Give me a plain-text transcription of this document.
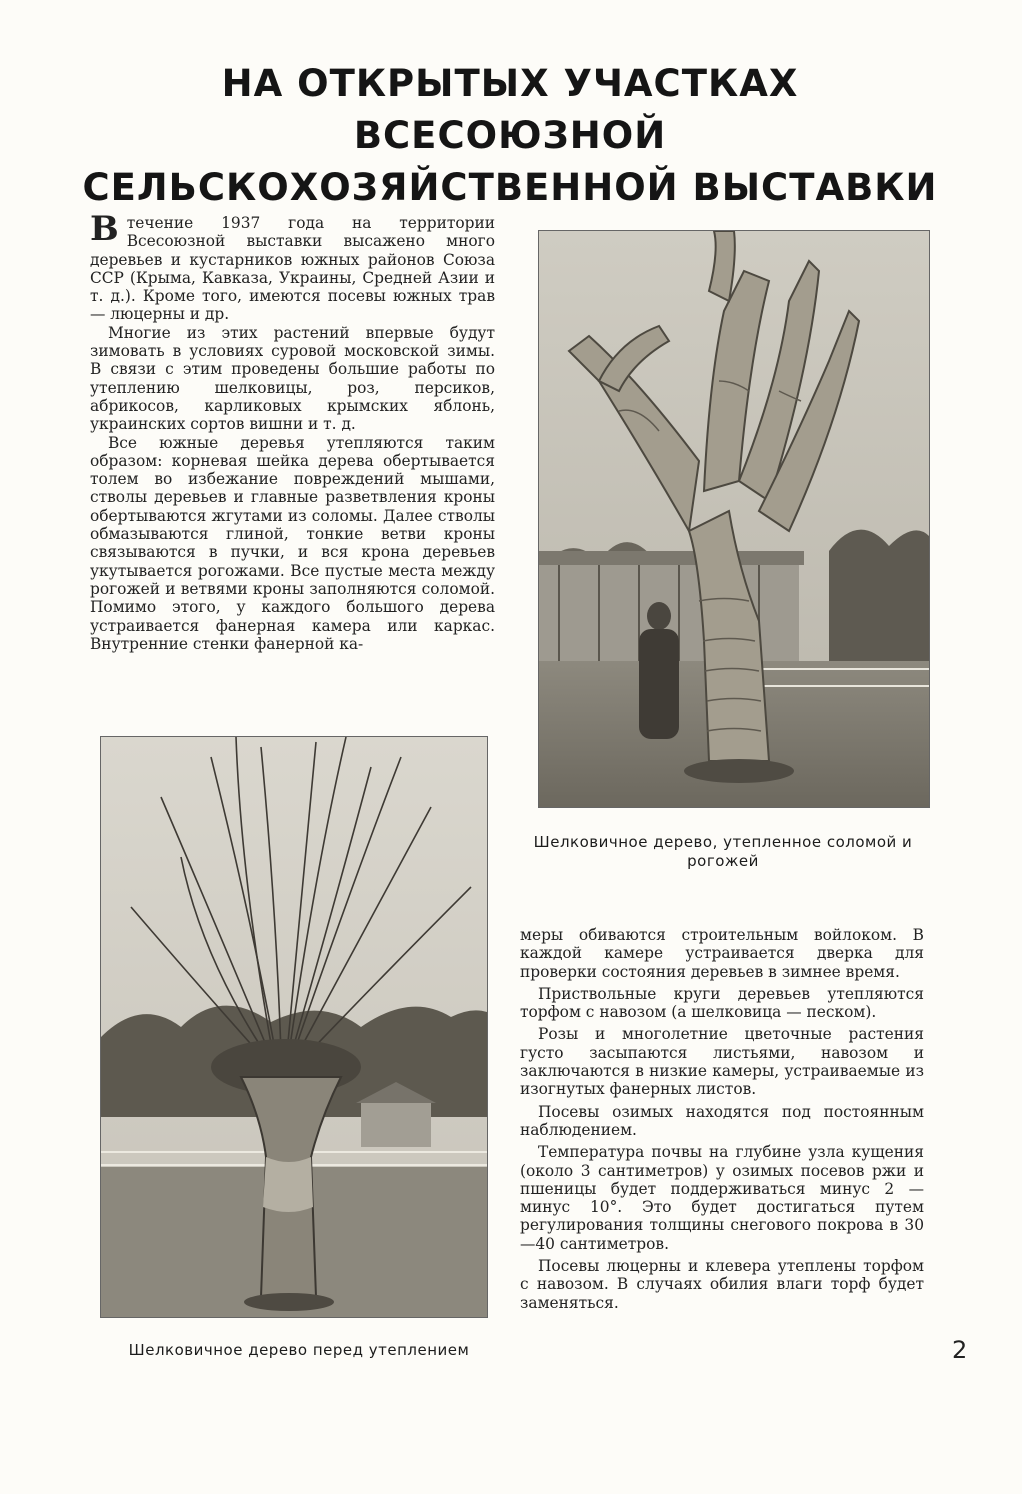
НА ОТКРЫТЫХ УЧАСТКАХ ВСЕСОЮЗНОЙ
СЕЛЬСКОХОЗЯЙСТВЕННОЙ ВЫСТАВКИ

В течение 1937 года на территории Всесоюзной выставки высажено много деревьев и кустарников южных районов Союза ССР (Крыма, Кавказа, Украины, Средней Азии и т. д.). Кроме того, имеются посевы южных трав — люцерны и др.

Многие из этих растений впервые будут зимовать в условиях суровой московской зимы. В связи с этим проведены большие работы по утеплению шелковицы, роз, персиков, абрикосов, карликовых крымских яблонь, украинских сортов вишни и т. д.

Все южные деревья утепляются таким образом: корневая шейка дерева обертывается толем во избежание повреждений мышами, стволы деревьев и главные разветвления кроны обертываются жгутами из соломы. Далее стволы обмазываются глиной, тонкие ветви кроны связываются в пучки, и вся крона деревьев укутывается рогожами. Все пустые места между рогожей и ветвями кроны заполняются соломой. Помимо этого, у каждого большого дерева устраивается фанерная камера или каркас. Внутренние стенки фанерной ка-

Шелковичное дерево, утепленное соломой и рогожей
Шелковичное дерево перед утеплением

меры обиваются строительным войлоком. В каждой камере устраивается дверка для проверки состояния деревьев в зимнее время.

Приствольные круги деревьев утепляются торфом с навозом (а шелковица — песком).

Розы и многолетние цветочные растения густо засыпаются листьями, навозом и заключаются в низкие камеры, устраиваемые из изогнутых фанерных листов.

Посевы озимых находятся под постоянным наблюдением.

Температура почвы на глубине узла кущения (около 3 сантиметров) у озимых посевов ржи и пшеницы будет поддерживаться минус 2 — минус 10°. Это будет достигаться путем регулирования толщины снегового покрова в 30—40 сантиметров.

Посевы люцерны и клевера утеплены торфом с навозом. В случаях обилия влаги торф будет заменяться.

2
